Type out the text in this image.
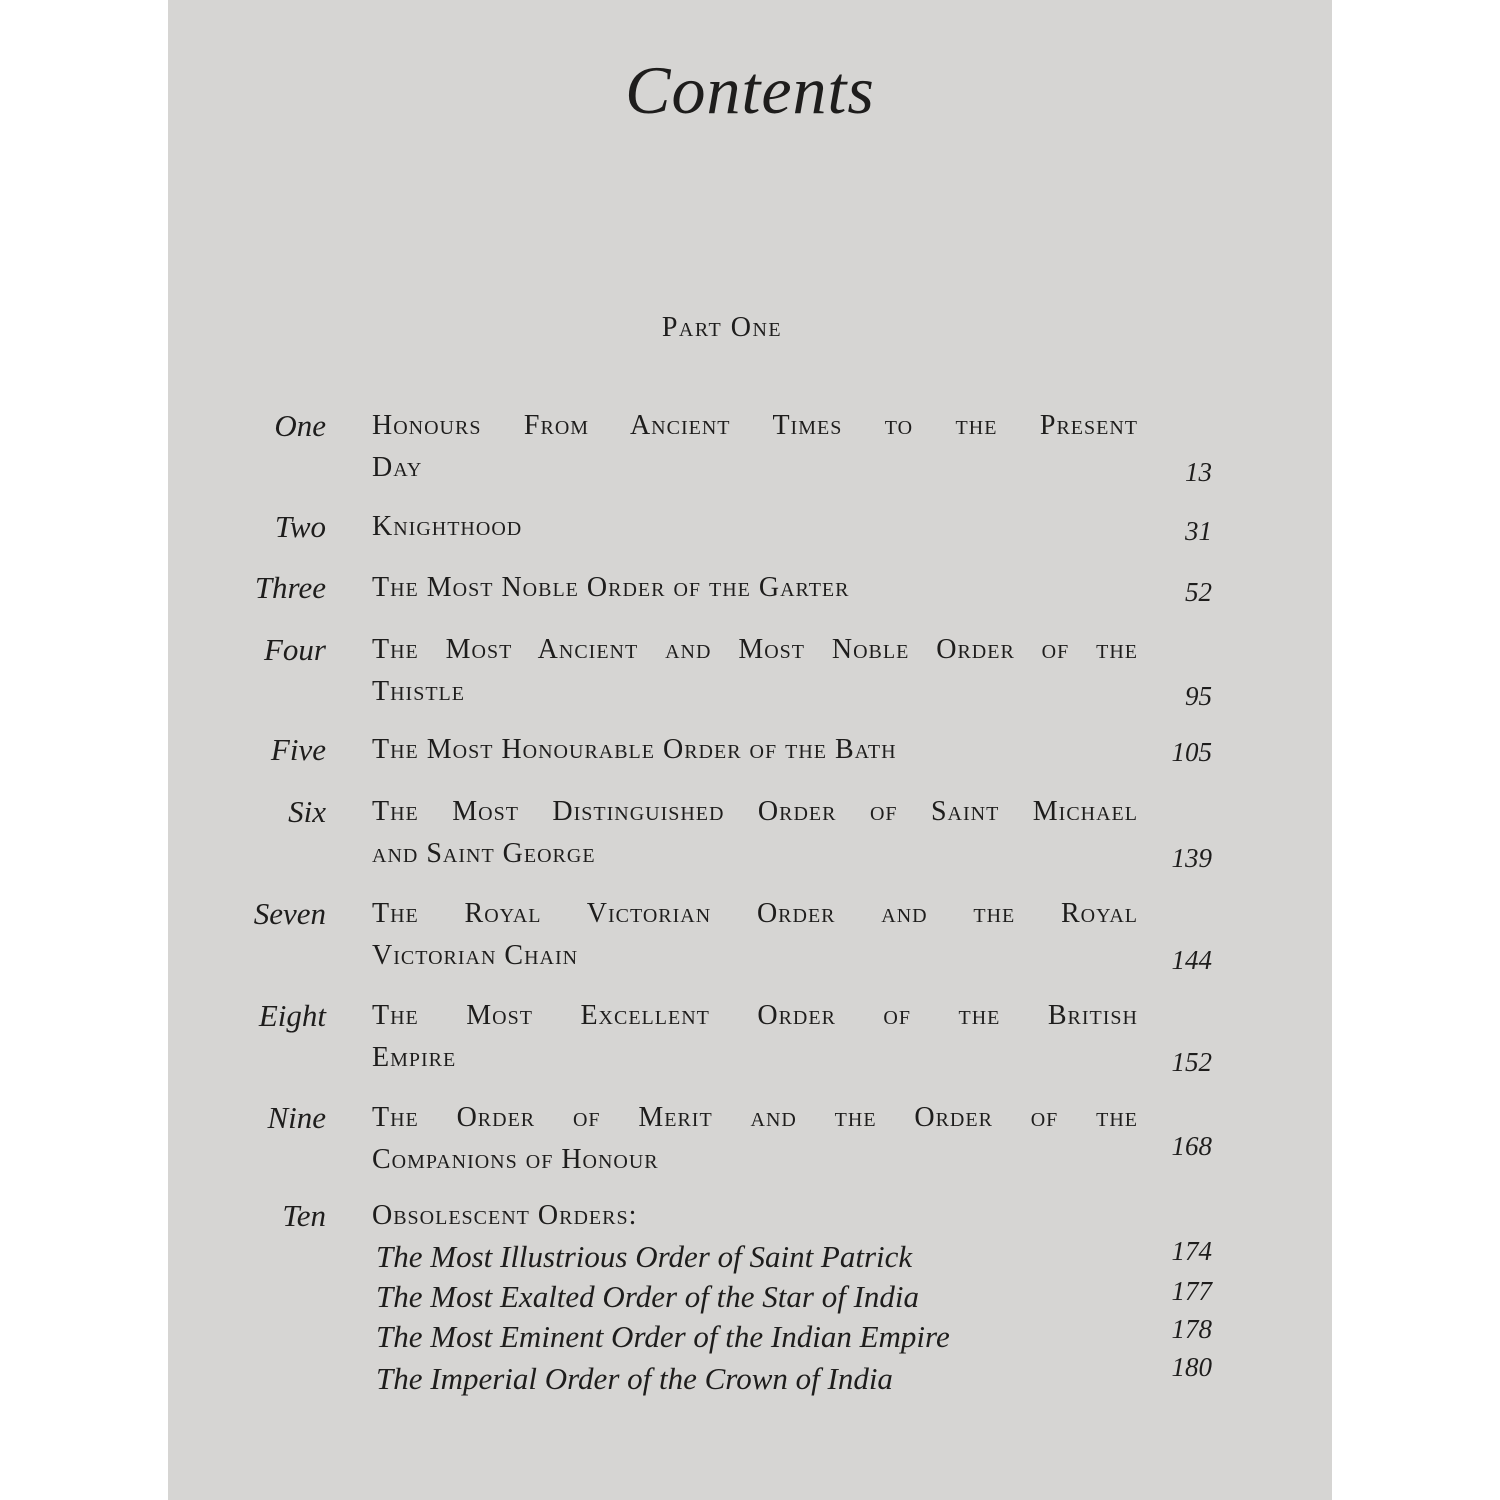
Contents
Part One
One Honours From Ancient Times to the Present
Day	13
Two Knighthood	31
Three The Most Noble Order of the Garter	52
Four The Most Ancient and Most Noble Order of the
Thistle	95
Five The Most Honourable Order of the Bath	105
Six The Most Distinguished Order of Saint Michael
and Saint George	139
Seven The Royal Victorian Order and the Royal
Victorian Chain	144
Eight The Most Excellent Order of the British
Empire	152
Nine The Order of Merit and the Order of the
Companions of Honour	168
Ten Obsolescent Orders:
The Most Illustrious Order of Saint Patrick	174
The Most Exalted Order of the Star of India	177
The Most Eminent Order of the Indian Empire	178
The Imperial Order of the Crown of India	180
